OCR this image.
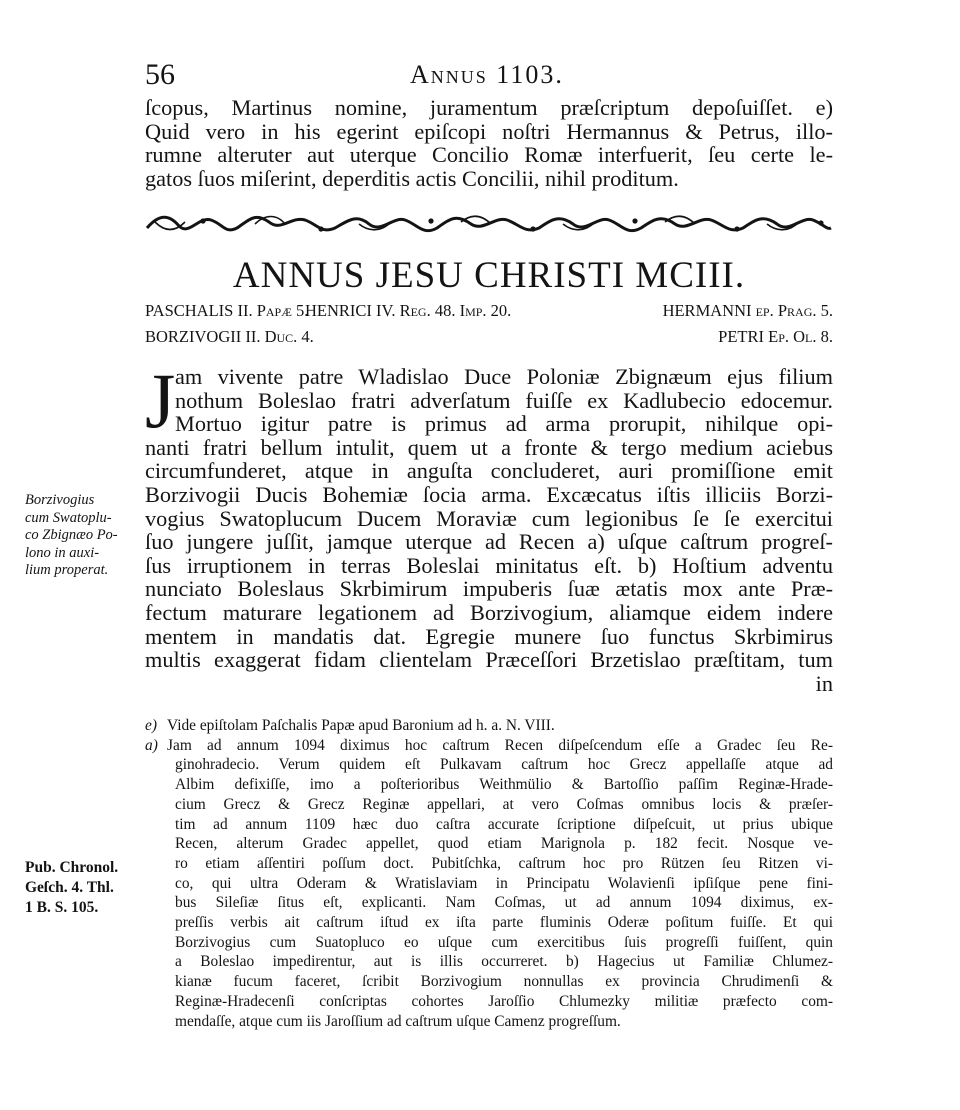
56	Annus 1103.
ſcopus, Martinus nomine, juramentum præſcriptum depoſuiſſet. e)
Quid vero in his egerint epiſcopi noſtri Hermannus & Petrus, illo-
rumne alteruter aut uterque Concilio Romæ interfuerit, ſeu certe le-
gatos ſuos miſerint, deperditis actis Concilii, nihil proditum.
ANNUS JESU CHRISTI MCIII.
PASCHALIS II. Papæ 5.
HENRICI IV. Reg. 48. Imp. 20.	HERMANNI ep. Prag. 5.
BORZIVOGII II. Duc. 4.	PETRI Ep. Ol. 8.
J am vivente patre Wladislao Duce Poloniæ Zbignæum ejus filium
nothum Boleslao fratri adverſatum fuiſſe ex Kadlubecio edocemur.
Mortuo igitur patre is primus ad arma prorupit, nihilque opi-
nanti fratri bellum intulit, quem ut a fronte & tergo medium aciebus
circumfunderet, atque in anguſta concluderet, auri promiſſione emit
Borzivogii Ducis Bohemiæ ſocia arma. Excæcatus iſtis illiciis Borzi-
vogius Swatoplucum Ducem Moraviæ cum legionibus ſe ſe exercitui
ſuo jungere juſſit, jamque uterque ad Recen a) uſque caſtrum progreſ-
ſus irruptionem in terras Boleslai minitatus eſt. b) Hoſtium adventu
nunciato Boleslaus Skrbimirum impuberis ſuæ ætatis mox ante Præ-
fectum maturare legationem ad Borzivogium, aliamque eidem indere
mentem in mandatis dat. Egregie munere ſuo functus Skrbimirus
multis exaggerat fidam clientelam Præceſſori Brzetislao præſtitam, tum
in
Borzivogius
cum Swatoplu-
co Zbignæo Po-
lono in auxi-
lium properat.
Pub. Chronol.
Geſch. 4. Thl.
1 B. S. 105.
e) Vide epiſtolam Paſchalis Papæ apud Baronium ad h. a. N. VIII.
a) Jam ad annum 1094 diximus hoc caſtrum Recen diſpeſcendum eſſe a Gradec ſeu Re-
ginohradecio. Verum quidem eſt Pulkavam caſtrum hoc Grecz appellaſſe atque ad
Albim defixiſſe, imo a poſterioribus Weithmülio & Bartoſſio paſſim Reginæ-Hrade-
cium Grecz & Grecz Reginæ appellari, at vero Coſmas omnibus locis & præſer-
tim ad annum 1109 hæc duo caſtra accurate ſcriptione diſpeſcuit, ut prius ubique
Recen, alterum Gradec appellet, quod etiam Marignola p. 182 fecit. Nosque ve-
ro etiam aſſentiri poſſum doct. Pubitſchka, caſtrum hoc pro Rützen ſeu Ritzen vi-
co, qui ultra Oderam & Wratislaviam in Principatu Wolavienſi ipſiſque pene fini-
bus Sileſiæ ſitus eſt, explicanti. Nam Coſmas, ut ad annum 1094 diximus, ex-
preſſis verbis ait caſtrum iſtud ex iſta parte fluminis Oderæ poſitum fuiſſe. Et qui
Borzivogius cum Suatopluco eo uſque cum exercitibus ſuis progreſſi fuiſſent, quin
a Boleslao impedirentur, aut is illis occurreret. b) Hagecius ut Familiæ Chlumez-
kianæ fucum faceret, ſcribit Borzivogium nonnullas ex provincia Chrudimenſi &
Reginæ-Hradecenſi conſcriptas cohortes Jaroſſio Chlumezky militiæ præfecto com-
mendaſſe, atque cum iis Jaroſſium ad caſtrum uſque Camenz progreſſum.
